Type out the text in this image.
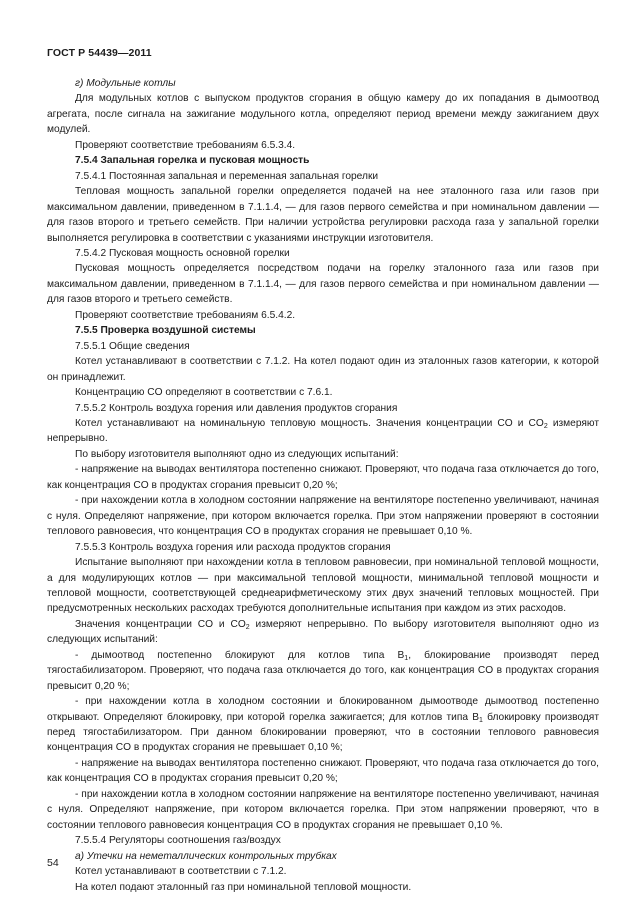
ГОСТ Р 54439—2011

г) Модульные котлы

Для модульных котлов с выпуском продуктов сгорания в общую камеру до их попадания в дымоотвод агрегата, после сигнала на зажигание модульного котла, определяют период времени между зажиганием двух модулей.

Проверяют соответствие требованиям 6.5.3.4.

7.5.4 Запальная горелка и пусковая мощность

7.5.4.1 Постоянная запальная и переменная запальная горелки

Тепловая мощность запальной горелки определяется подачей на нее эталонного газа или газов при максимальном давлении, приведенном в 7.1.1.4, — для газов первого семейства и при номинальном давлении — для газов второго и третьего семейств. При наличии устройства регулировки расхода газа у запальной горелки выполняется регулировка в соответствии с указаниями инструкции изготовителя.

7.5.4.2 Пусковая мощность основной горелки

Пусковая мощность определяется посредством подачи на горелку эталонного газа или газов при максимальном давлении, приведенном в 7.1.1.4, — для газов первого семейства и при номинальном давлении — для газов второго и третьего семейств.

Проверяют соответствие требованиям 6.5.4.2.

7.5.5 Проверка воздушной системы

7.5.5.1 Общие сведения

Котел устанавливают в соответствии с 7.1.2. На котел подают один из эталонных газов категории, к которой он принадлежит.

Концентрацию CO определяют в соответствии с 7.6.1.

7.5.5.2 Контроль воздуха горения или давления продуктов сгорания

Котел устанавливают на номинальную тепловую мощность. Значения концентрации CO и $CO_2$ измеряют непрерывно.

По выбору изготовителя выполняют одно из следующих испытаний:

- напряжение на выводах вентилятора постепенно снижают. Проверяют, что подача газа отключается до того, как концентрация CO в продуктах сгорания превысит 0,20 %;

- при нахождении котла в холодном состоянии напряжение на вентиляторе постепенно увеличивают, начиная с нуля. Определяют напряжение, при котором включается горелка. При этом напряжении проверяют в состоянии теплового равновесия, что концентрация CO в продуктах сгорания не превышает 0,10 %.

7.5.5.3 Контроль воздуха горения или расхода продуктов сгорания

Испытание выполняют при нахождении котла в тепловом равновесии, при номинальной тепловой мощности, а для модулирующих котлов — при максимальной тепловой мощности, минимальной тепловой мощности и тепловой мощности, соответствующей среднеарифметическому этих двух значений тепловых мощностей. При предусмотренных нескольких расходах требуются дополнительные испытания при каждом из этих расходов.

Значения концентрации CO и $CO_2$ измеряют непрерывно. По выбору изготовителя выполняют одно из следующих испытаний:

- дымоотвод постепенно блокируют для котлов типа $B_1$, блокирование производят перед тягостабилизатором. Проверяют, что подача газа отключается до того, как концентрация CO в продуктах сгорания превысит 0,20 %;

- при нахождении котла в холодном состоянии и блокированном дымоотводе дымоотвод постепенно открывают. Определяют блокировку, при которой горелка зажигается; для котлов типа $B_1$ блокировку производят перед тягостабилизатором. При данном блокировании проверяют, что в состоянии теплового равновесия концентрация CO в продуктах сгорания не превышает 0,10 %;

- напряжение на выводах вентилятора постепенно снижают. Проверяют, что подача газа отключается до того, как концентрация CO в продуктах сгорания превысит 0,20 %;

- при нахождении котла в холодном состоянии напряжение на вентиляторе постепенно увеличивают, начиная с нуля. Определяют напряжение, при котором включается горелка. При этом напряжении проверяют, что в состоянии теплового равновесия концентрация CO в продуктах сгорания не превышает 0,10 %.

7.5.5.4 Регуляторы соотношения газ/воздух

а) Утечки на неметаллических контрольных трубках

Котел устанавливают в соответствии с 7.1.2.

На котел подают эталонный газ при номинальной тепловой мощности.

54
